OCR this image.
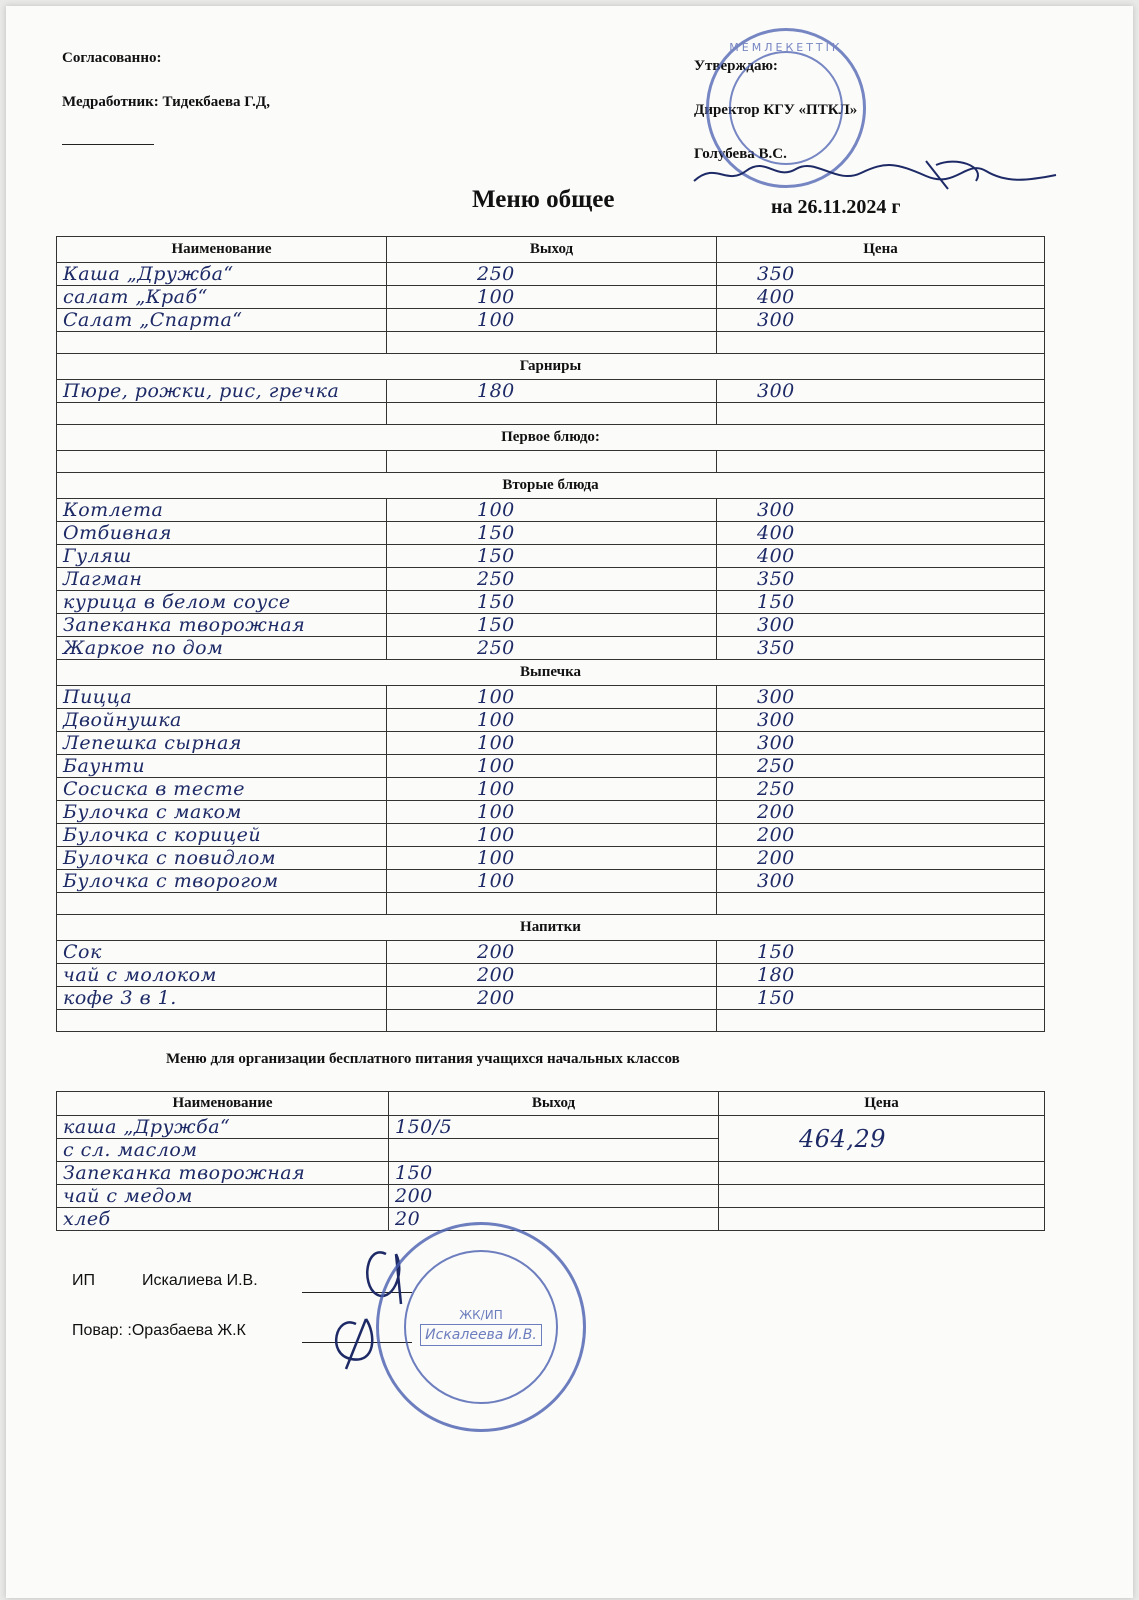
Согласованно:
Медработник: Тидекбаева Г.Д,
Утверждаю:
Директор КГУ «ПТКЛ»
Голубева В.С.
МЕМЛЕКЕТТІК
Меню общее	на 26.11.2024 г
Наименование	Выход	Цена
Каша „Дружба“	250	350
салат „Краб“	100	400
Салат „Спарта“	100	300

Гарниры		
Пюре, рожки, рис, гречка	180	300

Первое блюдо:		

Вторые блюда		
Котлета	100	300
Отбивная	150	400
Гуляш	150	400
Лагман	250	350
курица в белом соусе	150	150
Запеканка творожная	150	300
Жаркое по дом	250	350
Выпечка		
Пицца	100	300
Двойнушка	100	300
Лепешка сырная	100	300
Баунти	100	250
Сосиска в тесте	100	250
Булочка с маком	100	200
Булочка с корицей	100	200
Булочка с повидлом	100	200
Булочка с творогом	100	300

Напитки		
Сок	200	150
чай с молоком	200	180
кофе 3 в 1.	200	150

Меню для организации бесплатного питания учащихся начальных классов
Наименование	Выход	Цена
каша „Дружба“	150/5	464,29
с сл. маслом		
Запеканка творожная	150	
чай с медом	200	
хлеб	20	
ИП	Искалиева И.В.
Повар: :Оразбаева Ж.К
ЖК/ИП
Искалеева И.В.
